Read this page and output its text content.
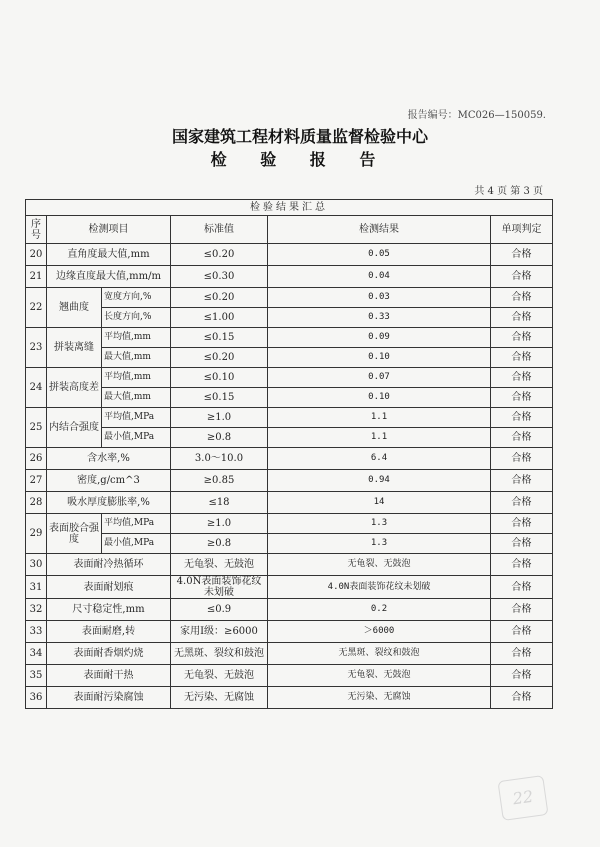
报告编号：MC026—150059.
国家建筑工程材料质量监督检验中心
检 验 报 告
共 4 页 第 3 页
检验结果汇总					
序号	检测项目		标准值	检测结果	单项判定
20	直角度最大值,mm		≤0.20	0.05	合格
21	边缘直度最大值,mm/m		≤0.30	0.04	合格
22	翘曲度	宽度方向,%	≤0.20	0.03	合格
		长度方向,%	≤1.00	0.33	合格
23	拼装离缝	平均值,mm	≤0.15	0.09	合格
		最大值,mm	≤0.20	0.10	合格
24	拼装高度差	平均值,mm	≤0.10	0.07	合格
		最大值,mm	≤0.15	0.10	合格
25	内结合强度	平均值,MPa	≥1.0	1.1	合格
		最小值,MPa	≥0.8	1.1	合格
26	含水率,%		3.0～10.0	6.4	合格
27	密度,g/cm^3		≥0.85	0.94	合格
28	吸水厚度膨胀率,%		≤18	14	合格
29	表面胶合强度	平均值,MPa	≥1.0	1.3	合格
		最小值,MPa	≥0.8	1.3	合格
30	表面耐冷热循环		无龟裂、无鼓泡	无龟裂、无鼓泡	合格
31	表面耐划痕		4.0N表面装饰花纹未划破	4.0N表面装饰花纹未划破	合格
32	尺寸稳定性,mm		≤0.9	0.2	合格
33	表面耐磨,转		家用Ⅰ级：≥6000	＞6000	合格
34	表面耐香烟灼烧		无黑斑、裂纹和鼓泡	无黑斑、裂纹和鼓泡	合格
35	表面耐干热		无龟裂、无鼓泡	无龟裂、无鼓泡	合格
36	表面耐污染腐蚀		无污染、无腐蚀	无污染、无腐蚀	合格
22
